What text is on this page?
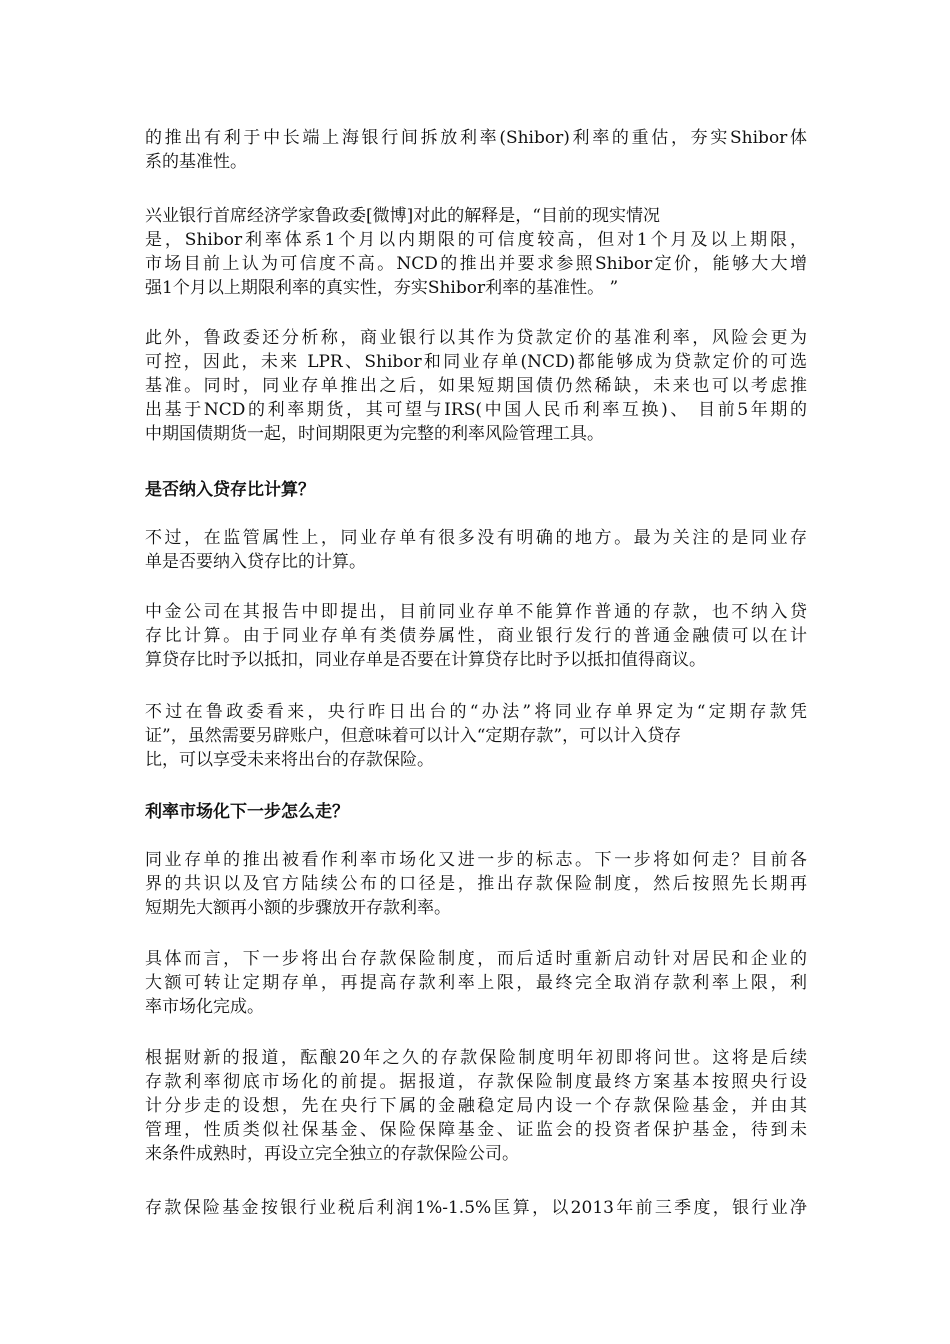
的推出有利于中长端上海银行间拆放利率(Shibor)利率的重估，夯实Shibor体
系的基准性。

兴业银行首席经济学家鲁政委[微博]对此的解释是，“目前的现实情况
是，Shibor利率体系1个月以内期限的可信度较高，但对1个月及以上期限，
市场目前上认为可信度不高。NCD的推出并要求参照Shibor定价，能够大大增
强1个月以上期限利率的真实性，夯实Shibor利率的基准性。 ”

此外，鲁政委还分析称，商业银行以其作为贷款定价的基准利率，风险会更为
可控，因此，未来 LPR、Shibor和同业存单(NCD)都能够成为贷款定价的可选
基准。同时，同业存单推出之后，如果短期国债仍然稀缺，未来也可以考虑推
出基于NCD的利率期货，其可望与IRS(中国人民币利率互换)、 目前5年期的
中期国债期货一起，时间期限更为完整的利率风险管理工具。

是否纳入贷存比计算？

不过，在监管属性上，同业存单有很多没有明确的地方。最为关注的是同业存
单是否要纳入贷存比的计算。

中金公司在其报告中即提出，目前同业存单不能算作普通的存款，也不纳入贷
存比计算。由于同业存单有类债券属性，商业银行发行的普通金融债可以在计
算贷存比时予以抵扣，同业存单是否要在计算贷存比时予以抵扣值得商议。

不过在鲁政委看来，央行昨日出台的“办法”将同业存单界定为“定期存款凭
证”，虽然需要另辟账户，但意味着可以计入“定期存款”，可以计入贷存
比，可以享受未来将出台的存款保险。

利率市场化下一步怎么走？

同业存单的推出被看作利率市场化又进一步的标志。下一步将如何走？目前各
界的共识以及官方陆续公布的口径是，推出存款保险制度，然后按照先长期再
短期先大额再小额的步骤放开存款利率。

具体而言，下一步将出台存款保险制度，而后适时重新启动针对居民和企业的
大额可转让定期存单，再提高存款利率上限，最终完全取消存款利率上限，利
率市场化完成。

根据财新的报道，酝酿20年之久的存款保险制度明年初即将问世。这将是后续
存款利率彻底市场化的前提。据报道，存款保险制度最终方案基本按照央行设
计分步走的设想，先在央行下属的金融稳定局内设一个存款保险基金，并由其
管理，性质类似社保基金、保险保障基金、证监会的投资者保护基金，待到未
来条件成熟时，再设立完全独立的存款保险公司。

存款保险基金按银行业税后利润1%-1.5%匡算，以2013年前三季度，银行业净
